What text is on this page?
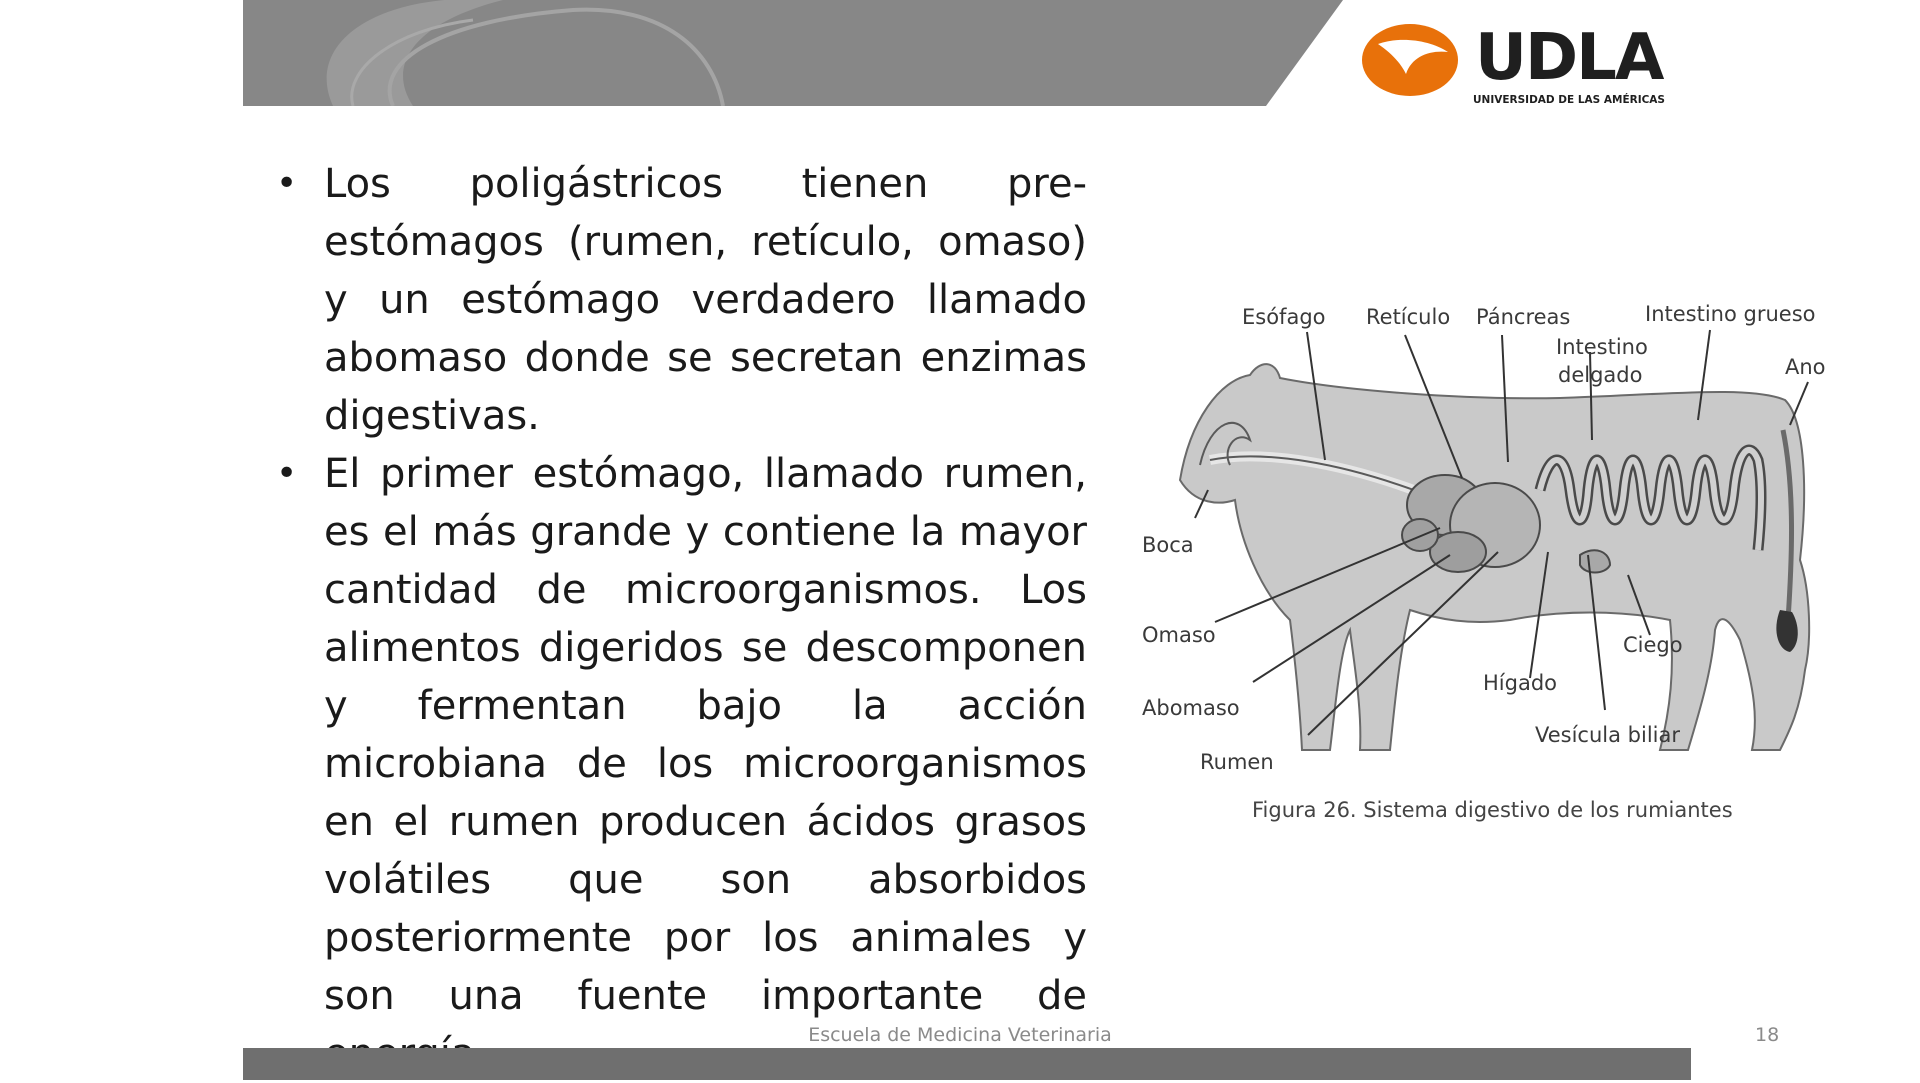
UDLA
UNIVERSIDAD DE LAS AMÉRICAS
• Los poligástricos tienen pre-estómagos (rumen, retículo, omaso) y un estómago verdadero llamado abomaso donde se secretan enzimas digestivas.
• El primer estómago, llamado rumen, es el más grande y contiene la mayor cantidad de microorganismos. Los alimentos digeridos se descomponen y fermentan bajo la acción microbiana de los microorganismos en el rumen producen ácidos grasos volátiles que son absorbidos posteriormente por los animales y son una fuente importante de
Esófago Retículo Páncreas	Intestino grueso
Intestino
delgado	Ano
Boca
Omaso
Abomaso
Rumen
Hígado
Ciego
Vesícula biliar
Figura 26. Sistema digestivo de los rumiantes
Escuela de Medicina Veterinaria	18
